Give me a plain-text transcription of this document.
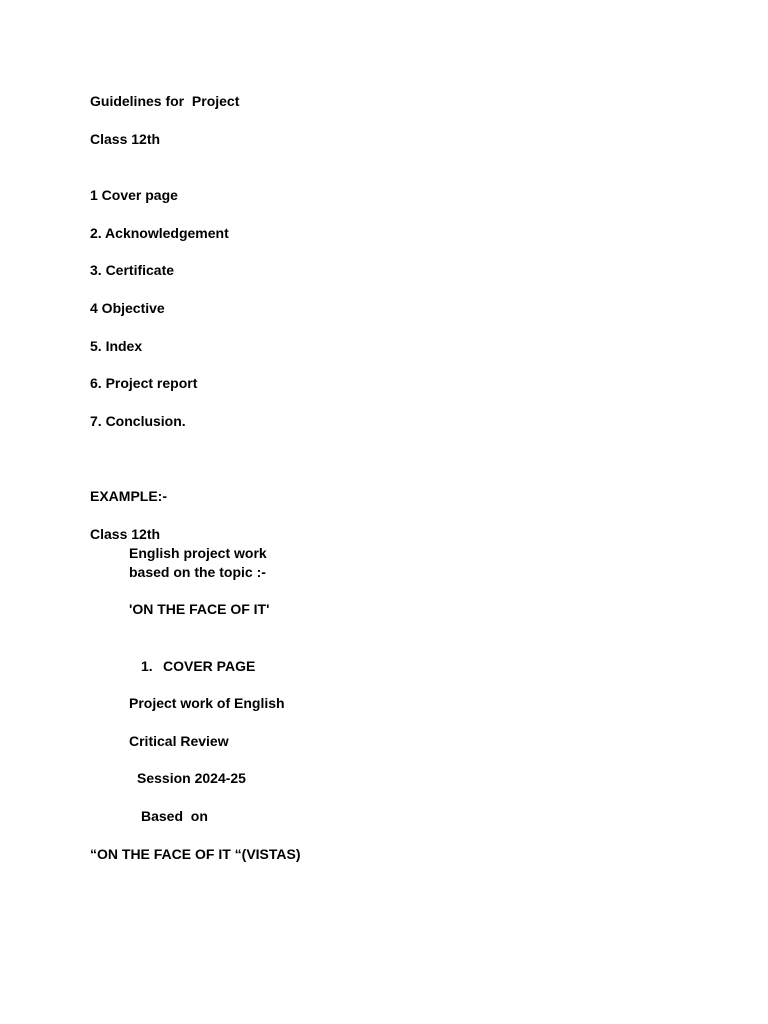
Guidelines for  Project
Class 12th
1 Cover page
2. Acknowledgement
3. Certificate
4 Objective
5. Index
6. Project report
7. Conclusion.
EXAMPLE:-
Class 12th
English project work
based on the topic :-
'ON THE FACE OF IT'
1. COVER PAGE
Project work of English
Critical Review
Session 2024-25
Based  on
“ON THE FACE OF IT “(VISTAS)
